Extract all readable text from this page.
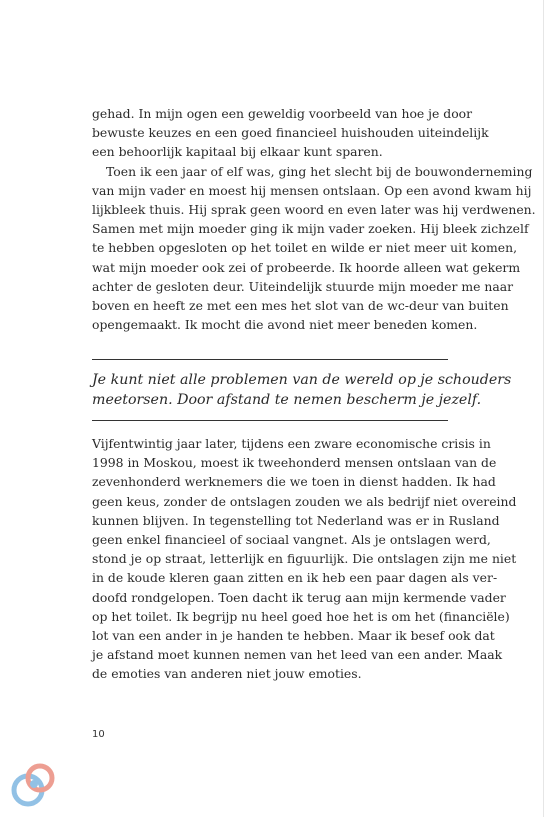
gehad. In mijn ogen een geweldig voorbeeld van hoe je door
bewuste keuzes en een goed financieel huishouden uiteindelijk
een behoorlijk kapitaal bij elkaar kunt sparen.
Toen ik een jaar of elf was, ging het slecht bij de bouwonderneming
van mijn vader en moest hij mensen ontslaan. Op een avond kwam hij
lijkbleek thuis. Hij sprak geen woord en even later was hij verdwenen.
Samen met mijn moeder ging ik mijn vader zoeken. Hij bleek zichzelf
te hebben opgesloten op het toilet en wilde er niet meer uit komen,
wat mijn moeder ook zei of probeerde. Ik hoorde alleen wat gekerm
achter de gesloten deur. Uiteindelijk stuurde mijn moeder me naar
boven en heeft ze met een mes het slot van de wc-deur van buiten
opengemaakt. Ik mocht die avond niet meer beneden komen.
Je kunt niet alle problemen van de wereld op je schouders
meetorsen. Door afstand te nemen bescherm je jezelf.
Vijfentwintig jaar later, tijdens een zware economische crisis in
1998 in Moskou, moest ik tweehonderd mensen ontslaan van de
zevenhonderd werknemers die we toen in dienst hadden. Ik had
geen keus, zonder de ontslagen zouden we als bedrijf niet overeind
kunnen blijven. In tegenstelling tot Nederland was er in Rusland
geen enkel financieel of sociaal vangnet. Als je ontslagen werd,
stond je op straat, letterlijk en figuurlijk. Die ontslagen zijn me niet
in de koude kleren gaan zitten en ik heb een paar dagen als ver-
doofd rondgelopen. Toen dacht ik terug aan mijn kermende vader
op het toilet. Ik begrijp nu heel goed hoe het is om het (financiële)
lot van een ander in je handen te hebben. Maar ik besef ook dat
je afstand moet kunnen nemen van het leed van een ander. Maak
de emoties van anderen niet jouw emoties.
10
